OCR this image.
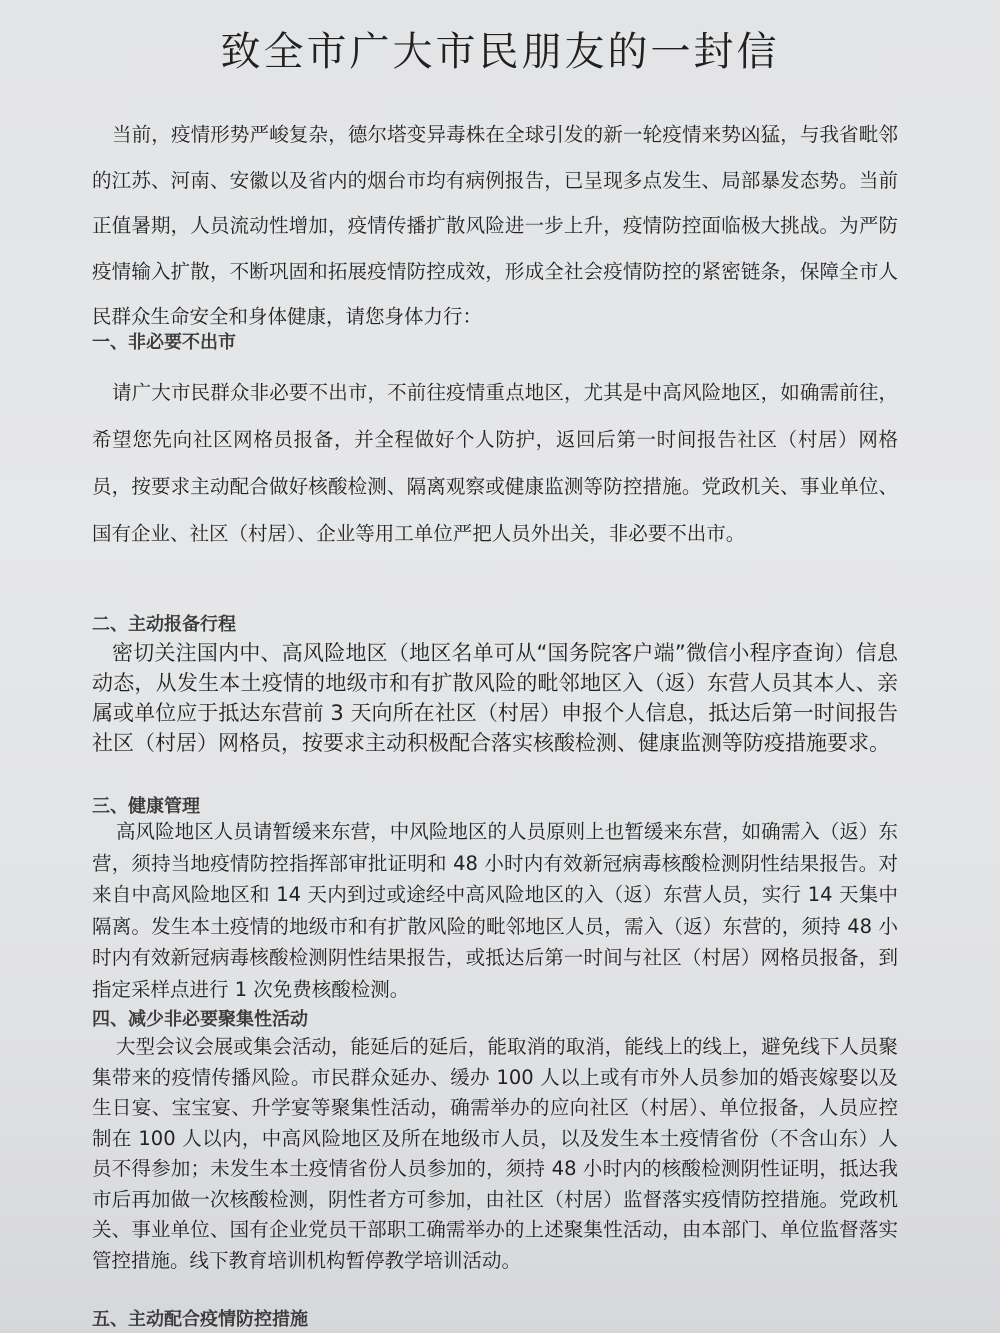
致全市广大市民朋友的一封信

当前，疫情形势严峻复杂，德尔塔变异毒株在全球引发的新一轮疫情来势凶猛，与我省毗邻的江苏、河南、安徽以及省内的烟台市均有病例报告，已呈现多点发生、局部暴发态势。当前正值暑期，人员流动性增加，疫情传播扩散风险进一步上升，疫情防控面临极大挑战。为严防疫情输入扩散，不断巩固和拓展疫情防控成效，形成全社会疫情防控的紧密链条，保障全市人民群众生命安全和身体健康，请您身体力行：

一、非必要不出市

请广大市民群众非必要不出市，不前往疫情重点地区，尤其是中高风险地区，如确需前往，希望您先向社区网格员报备，并全程做好个人防护，返回后第一时间报告社区（村居）网格员，按要求主动配合做好核酸检测、隔离观察或健康监测等防控措施。党政机关、事业单位、国有企业、社区（村居）、企业等用工单位严把人员外出关，非必要不出市。

二、主动报备行程

密切关注国内中、高风险地区（地区名单可从“国务院客户端”微信小程序查询）信息动态，从发生本土疫情的地级市和有扩散风险的毗邻地区入（返）东营人员其本人、亲属或单位应于抵达东营前 3 天向所在社区（村居）申报个人信息，抵达后第一时间报告社区（村居）网格员，按要求主动积极配合落实核酸检测、健康监测等防疫措施要求。

三、健康管理

高风险地区人员请暂缓来东营，中风险地区的人员原则上也暂缓来东营，如确需入（返）东营，须持当地疫情防控指挥部审批证明和 48 小时内有效新冠病毒核酸检测阴性结果报告。对来自中高风险地区和 14 天内到过或途经中高风险地区的入（返）东营人员，实行 14 天集中隔离。发生本土疫情的地级市和有扩散风险的毗邻地区人员，需入（返）东营的，须持 48 小时内有效新冠病毒核酸检测阴性结果报告，或抵达后第一时间与社区（村居）网格员报备，到指定采样点进行 1 次免费核酸检测。

四、减少非必要聚集性活动

大型会议会展或集会活动，能延后的延后，能取消的取消，能线上的线上，避免线下人员聚集带来的疫情传播风险。市民群众延办、缓办 100 人以上或有市外人员参加的婚丧嫁娶以及生日宴、宝宝宴、升学宴等聚集性活动，确需举办的应向社区（村居）、单位报备，人员应控制在 100 人以内，中高风险地区及所在地级市人员，以及发生本土疫情省份（不含山东）人员不得参加；未发生本土疫情省份人员参加的，须持 48 小时内的核酸检测阴性证明，抵达我市后再加做一次核酸检测，阴性者方可参加，由社区（村居）监督落实疫情防控措施。党政机关、事业单位、国有企业党员干部职工确需举办的上述聚集性活动，由本部门、单位监督落实管控措施。线下教育培训机构暂停教学培训活动。

五、主动配合疫情防控措施
